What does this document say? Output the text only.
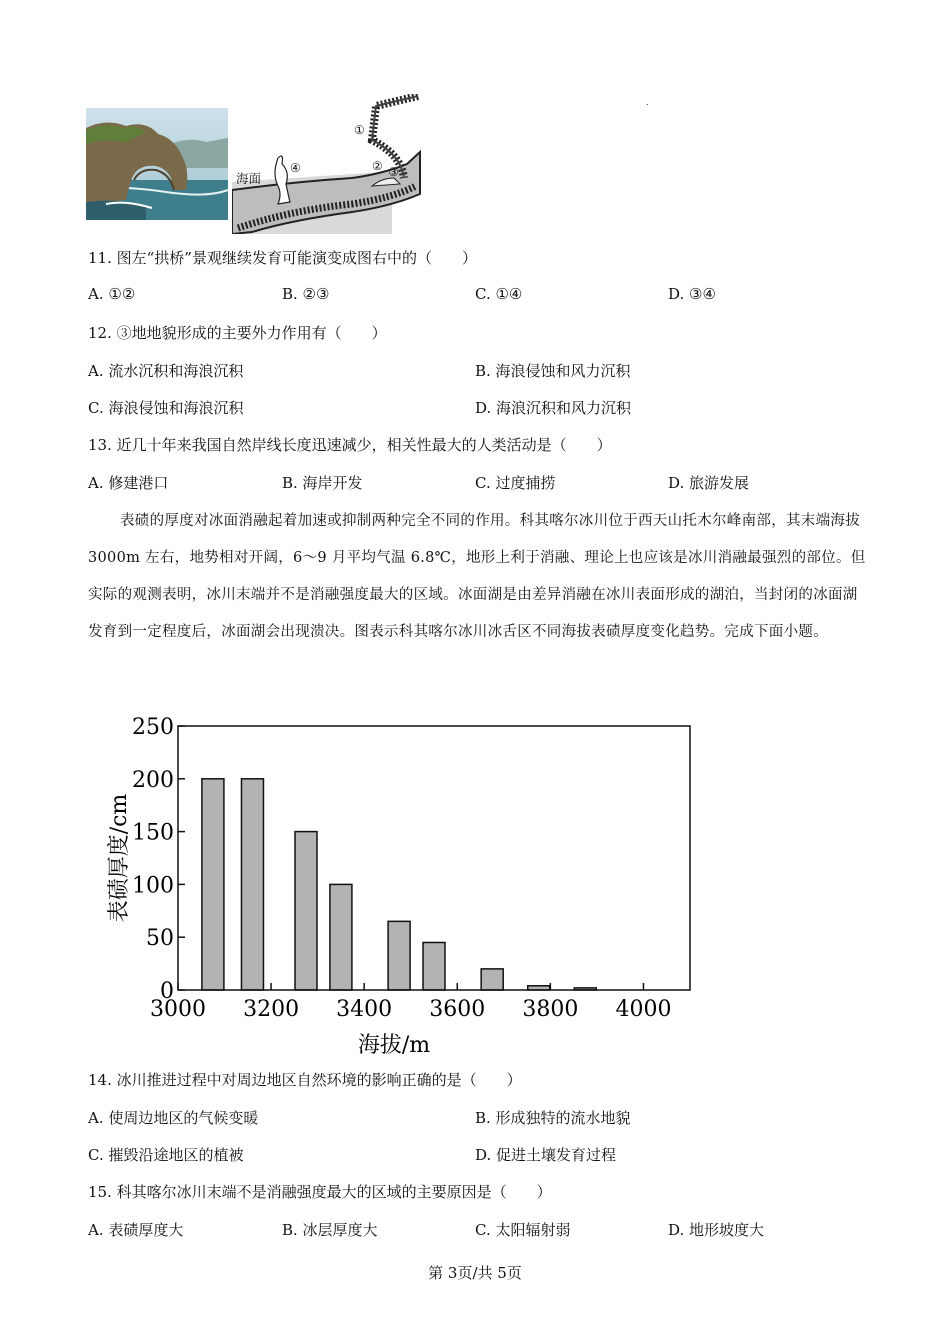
海面
①
② ③
④
.
11. 图左“拱桥”景观继续发育可能演变成图右中的（　　）
A. ①②	B. ②③	C. ①④	D. ③④
12. ③地地貌形成的主要外力作用有（　　）
A. 流水沉积和海浪沉积	B. 海浪侵蚀和风力沉积
C. 海浪侵蚀和海浪沉积	D. 海浪沉积和风力沉积
13. 近几十年来我国自然岸线长度迅速减少，相关性最大的人类活动是（　　）
A. 修建港口	B. 海岸开发	C. 过度捕捞	D. 旅游发展
表碛的厚度对冰面消融起着加速或抑制两种完全不同的作用。科其喀尔冰川位于西天山托木尔峰南部，其末端海拔 3000m 左右，地势相对开阔，6～9 月平均气温 6.8℃，地形上利于消融、理论上也应该是冰川消融最强烈的部位。但实际的观测表明，冰川末端并不是消融强度最大的区域。冰面湖是由差异消融在冰川表面形成的湖泊，当封闭的冰面湖发育到一定程度后，冰面湖会出现溃决。图表示科其喀尔冰川冰舌区不同海拔表碛厚度变化趋势。完成下面小题。
0
50
100
150
200
250
3000 3200 3400 3600 3800 4000
海拔/m
表碛厚度/cm
14. 冰川推进过程中对周边地区自然环境的影响正确的是（　　）
A. 使周边地区的气候变暖	B. 形成独特的流水地貌
C. 摧毁沿途地区的植被	D. 促进土壤发育过程
15. 科其喀尔冰川末端不是消融强度最大的区域的主要原因是（　　）
A. 表碛厚度大	B. 冰层厚度大	C. 太阳辐射弱	D. 地形坡度大
第 3页/共 5页
